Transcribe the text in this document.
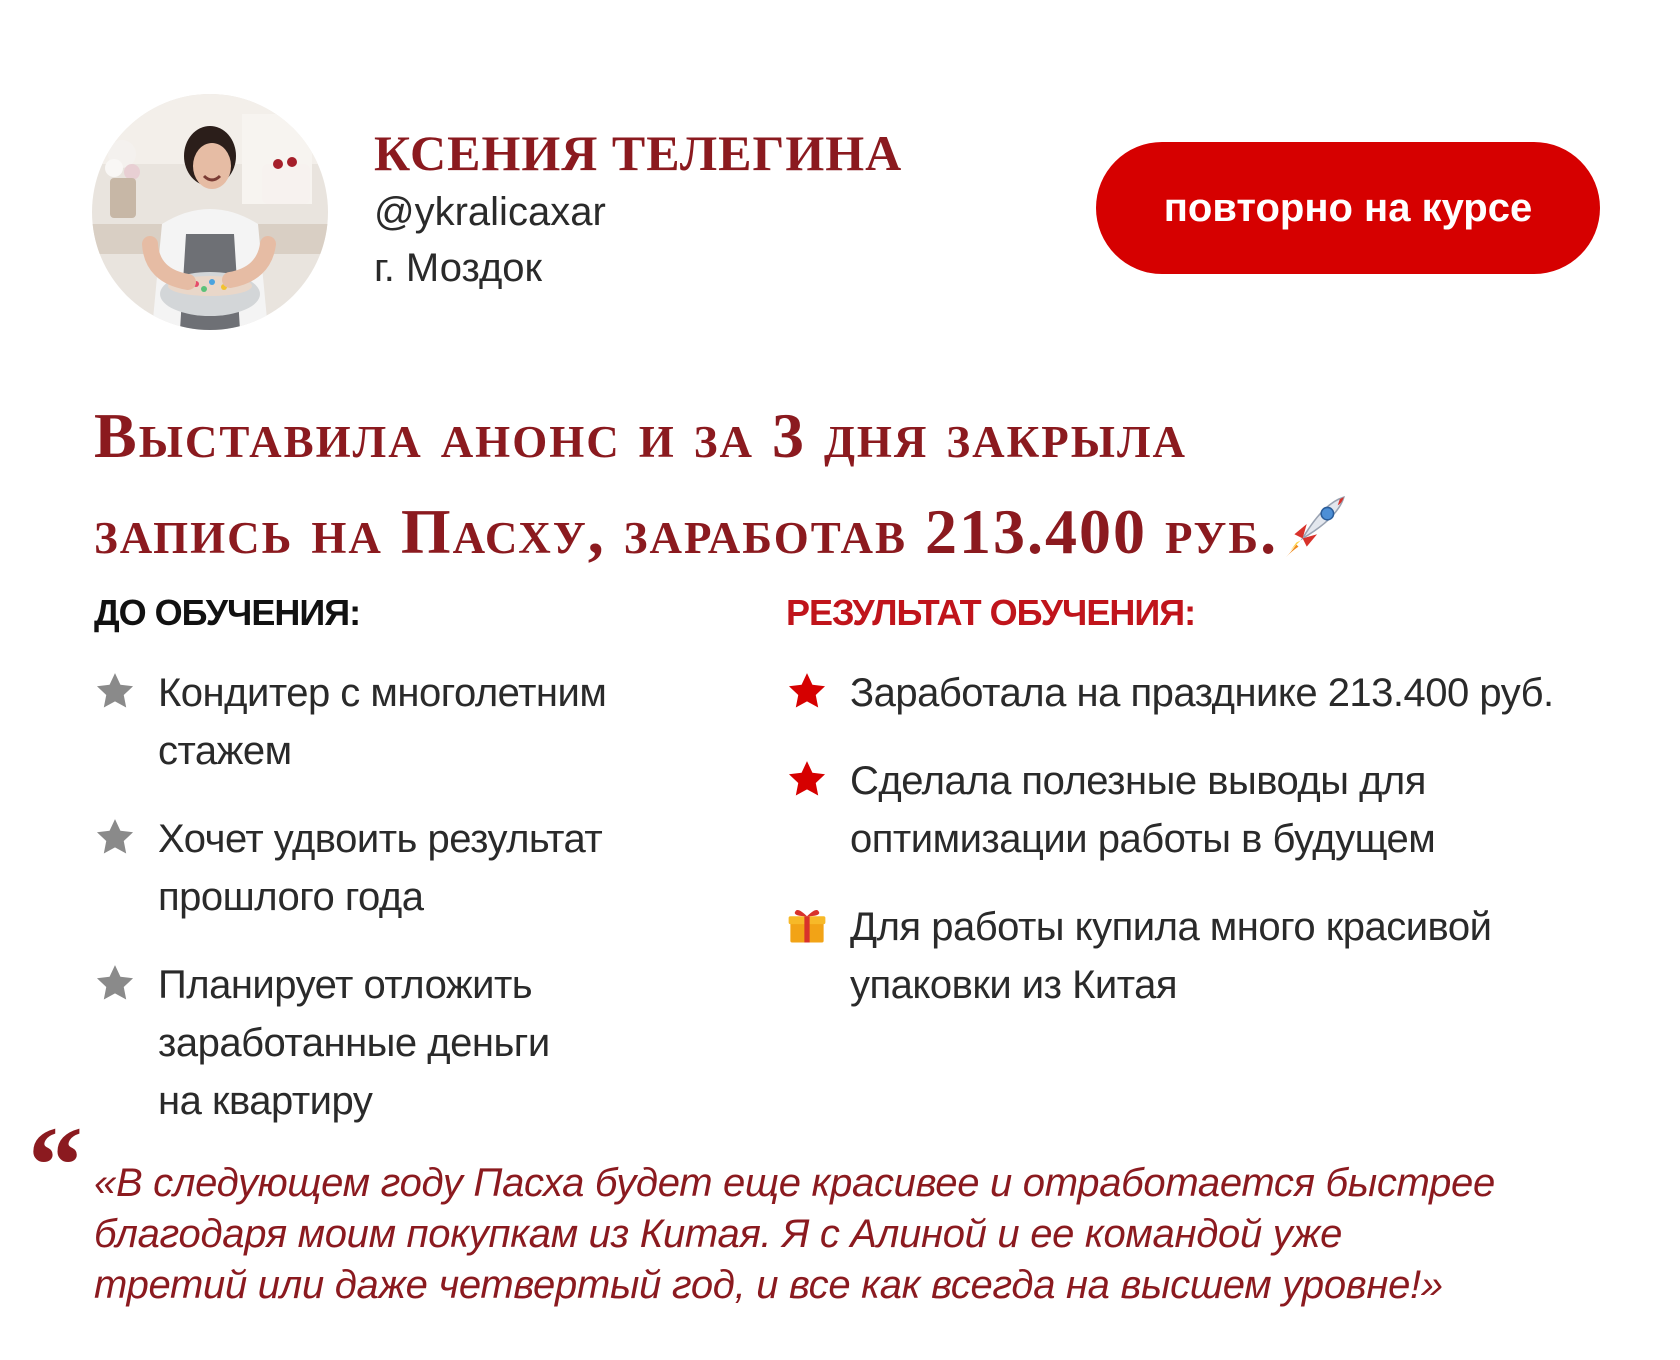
КСЕНИЯ ТЕЛЕГИНА
@ykralicaxar
г. Моздок
повторно на курсе
Выставила анонс и за 3 дня закрыла
запись на Пасху, заработав 213.400 руб.
ДО ОБУЧЕНИЯ:	РЕЗУЛЬТАТ ОБУЧЕНИЯ:
Кондитер с многолетним
стажем
Хочет удвоить результат
прошлого года
Планирует отложить
заработанные деньги
на квартиру
Заработала на празднике 213.400 руб.
Сделала полезные выводы для
оптимизации работы в будущем
Для работы купила много красивой
упаковки из Китая
“ «В следующем году Пасха будет еще красивее и отработается быстрее
благодаря моим покупкам из Китая. Я с Алиной и ее командой уже
третий или даже четвертый год, и все как всегда на высшем уровне!»
